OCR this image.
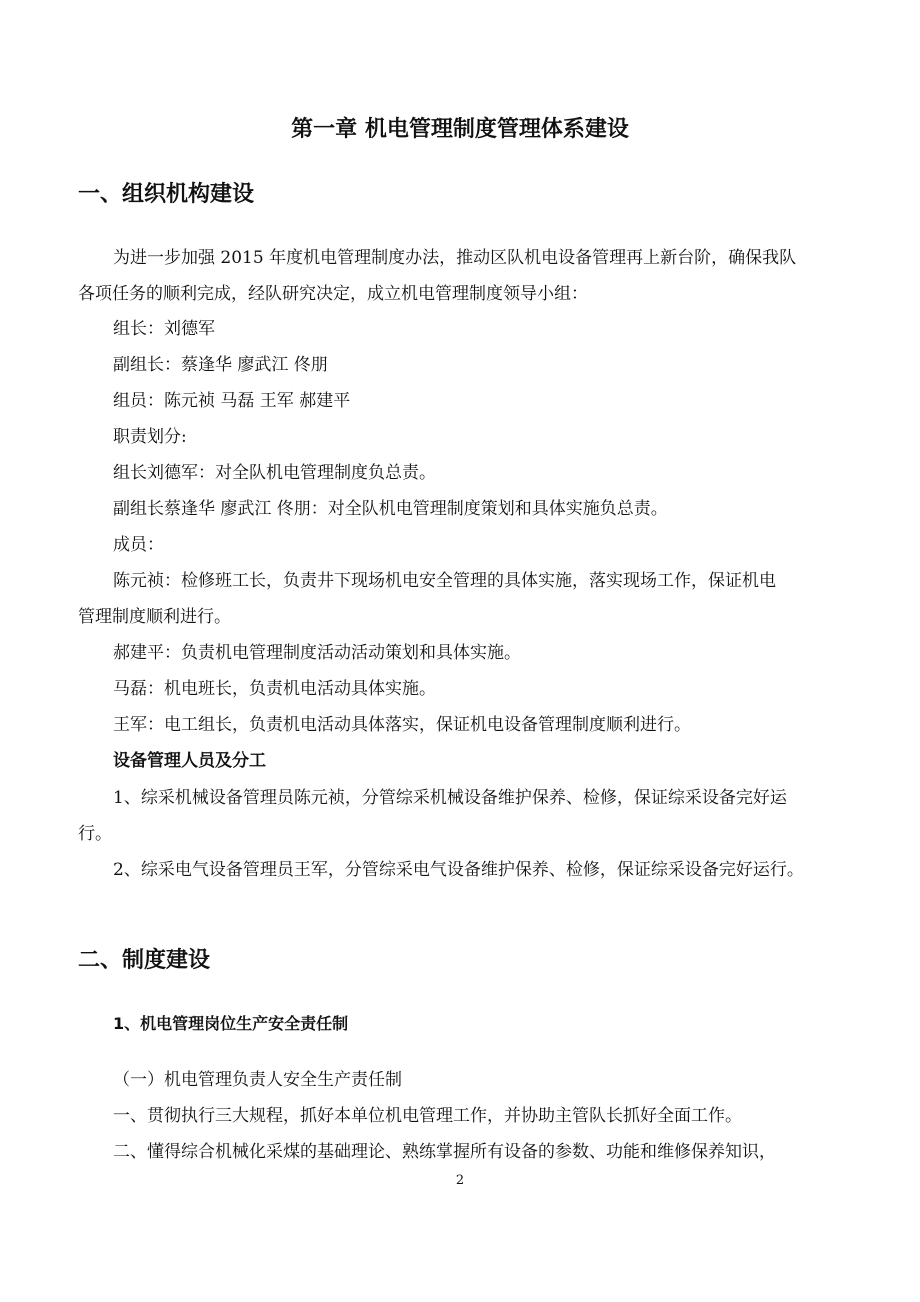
第一章 机电管理制度管理体系建设
一、组织机构建设
为进一步加强 2015 年度机电管理制度办法，推动区队机电设备管理再上新台阶，确保我队
各项任务的顺利完成，经队研究决定，成立机电管理制度领导小组：
组长：刘德军
副组长：蔡逢华 廖武江 佟朋
组员：陈元祯 马磊 王军 郝建平
职责划分:
组长刘德军：对全队机电管理制度负总责。
副组长蔡逢华 廖武江 佟朋：对全队机电管理制度策划和具体实施负总责。
成员：
陈元祯：检修班工长，负责井下现场机电安全管理的具体实施，落实现场工作，保证机电
管理制度顺利进行。
郝建平：负责机电管理制度活动活动策划和具体实施。
马磊：机电班长，负责机电活动具体实施。
王军：电工组长，负责机电活动具体落实，保证机电设备管理制度顺利进行。
设备管理人员及分工
1、综采机械设备管理员陈元祯，分管综采机械设备维护保养、检修，保证综采设备完好运
行。
2、综采电气设备管理员王军，分管综采电气设备维护保养、检修，保证综采设备完好运行。
二、制度建设
1、机电管理岗位生产安全责任制
（一）机电管理负责人安全生产责任制
一、贯彻执行三大规程，抓好本单位机电管理工作，并协助主管队长抓好全面工作。
二、懂得综合机械化采煤的基础理论、熟练掌握所有设备的参数、功能和维修保养知识，
2
